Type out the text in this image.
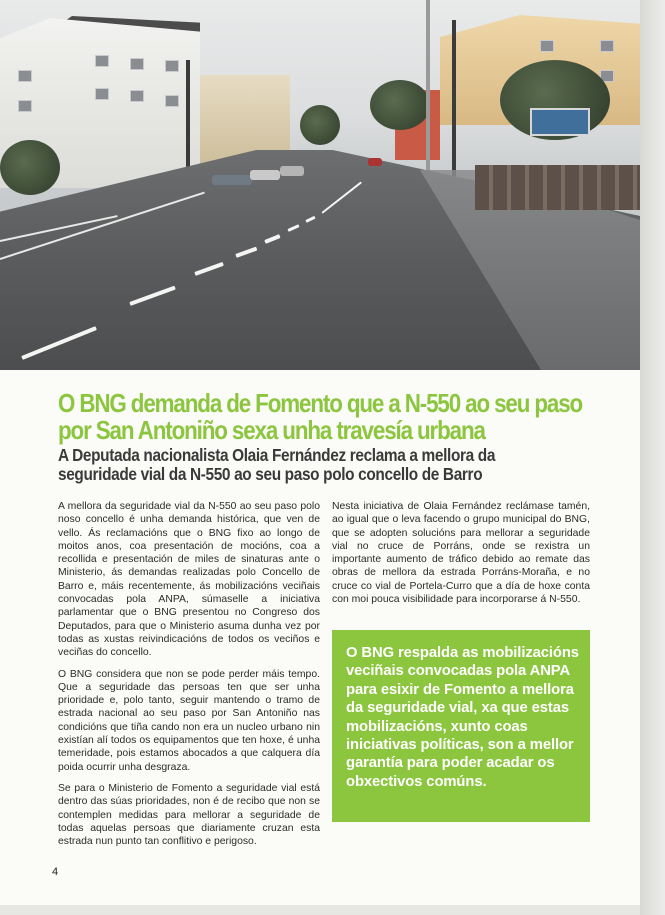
O BNG demanda de Fomento que a N-550 ao seu paso
por San Antoniño sexa unha travesía urbana
A Deputada nacionalista Olaia Fernández reclama a mellora da
seguridade vial da N-550 ao seu paso polo concello de Barro

A mellora da seguridade vial da N-550 ao seu paso polo noso concello é unha demanda histórica, que ven de vello. Ás reclamacións que o BNG fixo ao longo de moitos anos, coa presentación de mocións, coa a recollida e presentación de miles de sinaturas ante o Ministerio, ás demandas realizadas polo Concello de Barro e, máis recentemente, ás mobilizacións veciñais convocadas pola ANPA, súmaselle a iniciativa parlamentar que o BNG presentou no Congreso dos Deputados, para que o Ministerio asuma dunha vez por todas as xustas reivindicacións de todos os veciños e veciñas do concello.

O BNG considera que non se pode perder máis tempo. Que a seguridade das persoas ten que ser unha prioridade e, polo tanto, seguir mantendo o tramo de estrada nacional ao seu paso por San Antoniño nas condicións que tiña cando non era un nucleo urbano nin existían alí todos os equipamentos que ten hoxe, é unha temeridade, pois estamos abocados a que calquera día poida ocurrir unha desgraza.

Se para o Ministerio de Fomento a seguridade vial está dentro das súas prioridades, non é de recibo que non se contemplen medidas para mellorar a seguridade de todas aquelas persoas que diariamente cruzan esta estrada nun punto tan conflitivo e perigoso.

Nesta iniciativa de Olaia Fernández reclámase tamén, ao igual que o leva facendo o grupo municipal do BNG, que se adopten solucións para mellorar a seguridade vial no cruce de Porráns, onde se rexistra un importante aumento de tráfico debido ao remate das obras de mellora da estrada Porráns-Moraña, e no cruce co vial de Portela-Curro que a día de hoxe conta con moi pouca visibilidade para incorporarse á N-550.

O BNG respalda as mobilizacións veciñais convocadas pola ANPA para esixir de Fomento a mellora da seguridade vial, xa que estas mobilizacións, xunto coas iniciativas políticas, son a mellor garantía para poder acadar os obxectivos comúns.
4
